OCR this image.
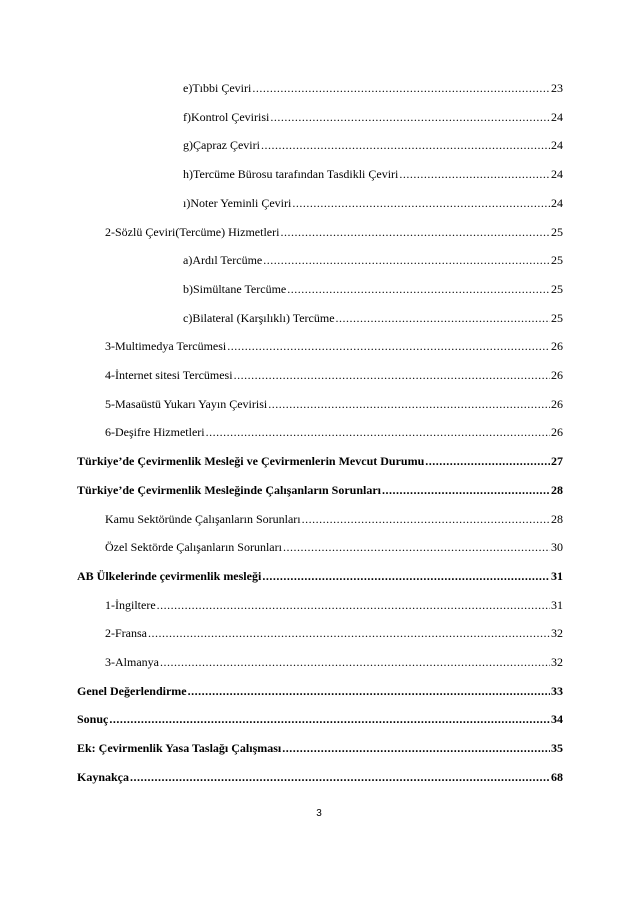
e)Tıbbi Çeviri .....	23
f)Kontrol Çevirisi .....	24
g)Çapraz Çeviri .....	24
h)Tercüme Bürosu tarafından Tasdikli Çeviri .....	24
ı)Noter Yeminli Çeviri .....	24
2-Sözlü Çeviri(Tercüme) Hizmetleri .....	25
a)Ardıl Tercüme .....	25
b)Simültane Tercüme .....	25
c)Bilateral (Karşılıklı) Tercüme .....	25
3-Multimedya Tercümesi .....	26
4-İnternet sitesi Tercümesi .....	26
5-Masaüstü Yukarı Yayın Çevirisi .....	26
6-Deşifre Hizmetleri .....	26
Türkiye’de Çevirmenlik Mesleği ve Çevirmenlerin Mevcut Durumu .....	27
Türkiye’de Çevirmenlik Mesleğinde Çalışanların Sorunları .....	28
Kamu Sektöründe Çalışanların Sorunları .....	28
Özel Sektörde Çalışanların Sorunları .....	30
AB Ülkelerinde çevirmenlik mesleği .....	31
1-İngiltere .....	31
2-Fransa .....	32
3-Almanya .....	32
Genel Değerlendirme .....	33
Sonuç .....	34
Ek: Çevirmenlik Yasa Taslağı Çalışması .....	35
Kaynakça .....	68
3
